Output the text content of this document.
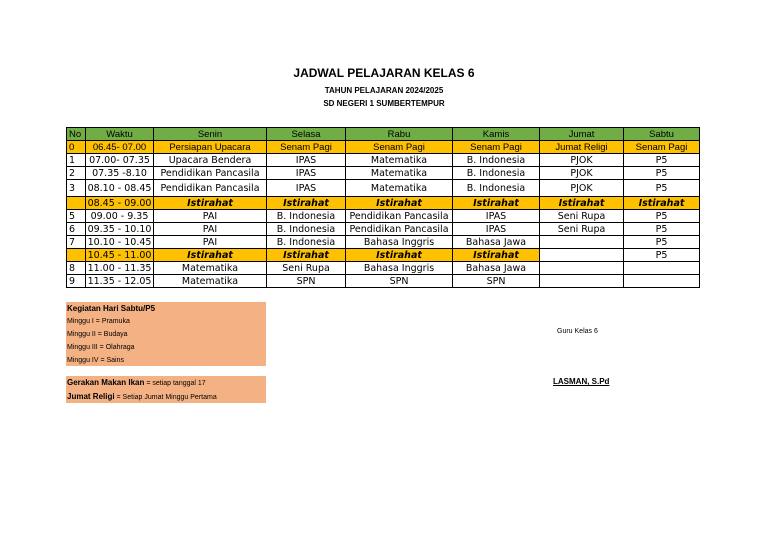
JADWAL PELAJARAN KELAS 6
TAHUN PELAJARAN 2024/2025
SD NEGERI 1 SUMBERTEMPUR
No	Waktu	Senin	Selasa	Rabu	Kamis	Jumat	Sabtu
0	06.45- 07.00	Persiapan Upacara	Senam Pagi	Senam Pagi	Senam Pagi	Jumat Religi	Senam Pagi
1	07.00- 07.35	Upacara Bendera	IPAS	Matematika	B. Indonesia	PJOK	P5
2	07.35 -8.10	Pendidikan Pancasila	IPAS	Matematika	B. Indonesia	PJOK	P5
3	08.10 - 08.45	Pendidikan Pancasila	IPAS	Matematika	B. Indonesia	PJOK	P5
	08.45 - 09.00	Istirahat	Istirahat	Istirahat	Istirahat	Istirahat	Istirahat
5	09.00 - 9.35	PAI	B. Indonesia	Pendidikan Pancasila	IPAS	Seni Rupa	P5
6	09.35 - 10.10	PAI	B. Indonesia	Pendidikan Pancasila	IPAS	Seni Rupa	P5
7	10.10 - 10.45	PAI	B. Indonesia	Bahasa Inggris	Bahasa Jawa		P5
	10.45 - 11.00	Istirahat	Istirahat	Istirahat	Istirahat		P5
8	11.00 - 11.35	Matematika	Seni Rupa	Bahasa Inggris	Bahasa Jawa		
9	11.35 - 12.05	Matematika	SPN	SPN	SPN		
Kegiatan Hari Sabtu/P5
Minggu I = Pramuka
Minggu II = Budaya
Minggu III = Olahraga
Minggu IV = Sains
Gerakan Makan Ikan = setiap tanggal 17
Jumat Religi = Setiap Jumat Minggu Pertama
Guru Kelas 6
LASMAN, S.Pd
